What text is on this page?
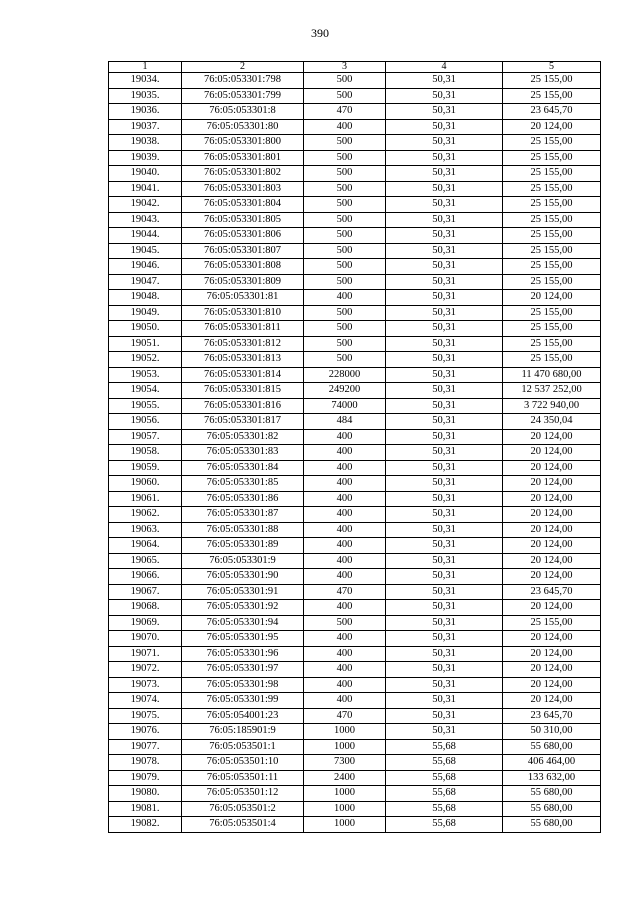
390
1	2	3	4	5
19034.	76:05:053301:798	500	50,31	25 155,00
19035.	76:05:053301:799	500	50,31	25 155,00
19036.	76:05:053301:8	470	50,31	23 645,70
19037.	76:05:053301:80	400	50,31	20 124,00
19038.	76:05:053301:800	500	50,31	25 155,00
19039.	76:05:053301:801	500	50,31	25 155,00
19040.	76:05:053301:802	500	50,31	25 155,00
19041.	76:05:053301:803	500	50,31	25 155,00
19042.	76:05:053301:804	500	50,31	25 155,00
19043.	76:05:053301:805	500	50,31	25 155,00
19044.	76:05:053301:806	500	50,31	25 155,00
19045.	76:05:053301:807	500	50,31	25 155,00
19046.	76:05:053301:808	500	50,31	25 155,00
19047.	76:05:053301:809	500	50,31	25 155,00
19048.	76:05:053301:81	400	50,31	20 124,00
19049.	76:05:053301:810	500	50,31	25 155,00
19050.	76:05:053301:811	500	50,31	25 155,00
19051.	76:05:053301:812	500	50,31	25 155,00
19052.	76:05:053301:813	500	50,31	25 155,00
19053.	76:05:053301:814	228000	50,31	11 470 680,00
19054.	76:05:053301:815	249200	50,31	12 537 252,00
19055.	76:05:053301:816	74000	50,31	3 722 940,00
19056.	76:05:053301:817	484	50,31	24 350,04
19057.	76:05:053301:82	400	50,31	20 124,00
19058.	76:05:053301:83	400	50,31	20 124,00
19059.	76:05:053301:84	400	50,31	20 124,00
19060.	76:05:053301:85	400	50,31	20 124,00
19061.	76:05:053301:86	400	50,31	20 124,00
19062.	76:05:053301:87	400	50,31	20 124,00
19063.	76:05:053301:88	400	50,31	20 124,00
19064.	76:05:053301:89	400	50,31	20 124,00
19065.	76:05:053301:9	400	50,31	20 124,00
19066.	76:05:053301:90	400	50,31	20 124,00
19067.	76:05:053301:91	470	50,31	23 645,70
19068.	76:05:053301:92	400	50,31	20 124,00
19069.	76:05:053301:94	500	50,31	25 155,00
19070.	76:05:053301:95	400	50,31	20 124,00
19071.	76:05:053301:96	400	50,31	20 124,00
19072.	76:05:053301:97	400	50,31	20 124,00
19073.	76:05:053301:98	400	50,31	20 124,00
19074.	76:05:053301:99	400	50,31	20 124,00
19075.	76:05:054001:23	470	50,31	23 645,70
19076.	76:05:185901:9	1000	50,31	50 310,00
19077.	76:05:053501:1	1000	55,68	55 680,00
19078.	76:05:053501:10	7300	55,68	406 464,00
19079.	76:05:053501:11	2400	55,68	133 632,00
19080.	76:05:053501:12	1000	55,68	55 680,00
19081.	76:05:053501:2	1000	55,68	55 680,00
19082.	76:05:053501:4	1000	55,68	55 680,00
